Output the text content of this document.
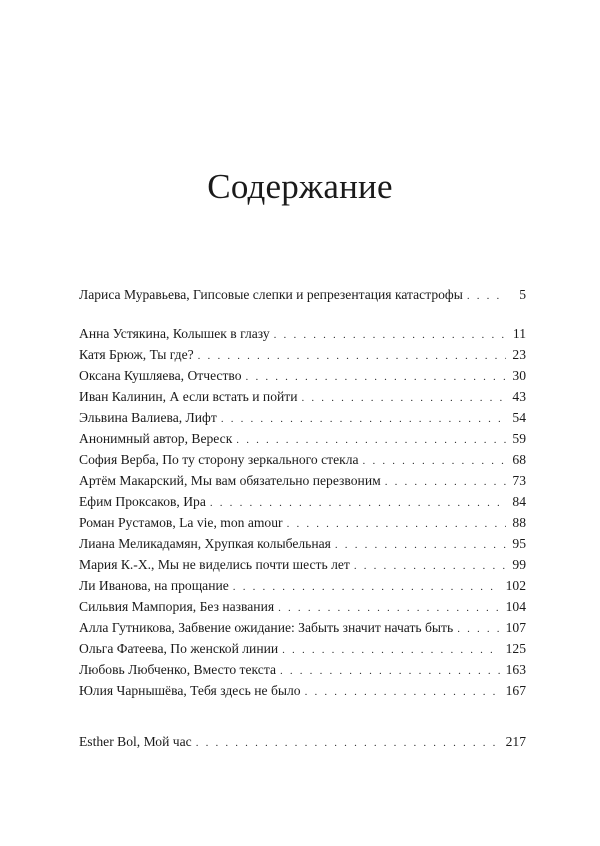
Содержание
Лариса Муравьева, Гипсовые слепки и репрезентация катастрофы . . .	5
Анна Устякина, Колышек в глазу . . .	11
Катя Брюж, Ты где? . . .	23
Оксана Кушляева, Отчество . . .	30
Иван Калинин, А если встать и пойти . . .	43
Эльвина Валиева, Лифт . . .	54
Анонимный автор, Вереск . . .	59
София Верба, По ту сторону зеркального стекла . . .	68
Артём Макарский, Мы вам обязательно перезвоним . . .	73
Ефим Проксаков, Ира . . .	84
Роман Рустамов, La vie, mon amour . . .	88
Лиана Меликадамян, Хрупкая колыбельная . . .	95
Мария К.-Х., Мы не виделись почти шесть лет . . .	99
Ли Иванова, на прощание . . .	102
Сильвия Мампория, Без названия . . .	104
Алла Гутникова, Забвение ожидание: Забыть значит начать быть . . .	107
Ольга Фатеева, По женской линии . . .	125
Любовь Любченко, Вместо текста . . .	163
Юлия Чарнышёва, Тебя здесь не было . . .	167
Esther Bol, Мой час . . .	217
